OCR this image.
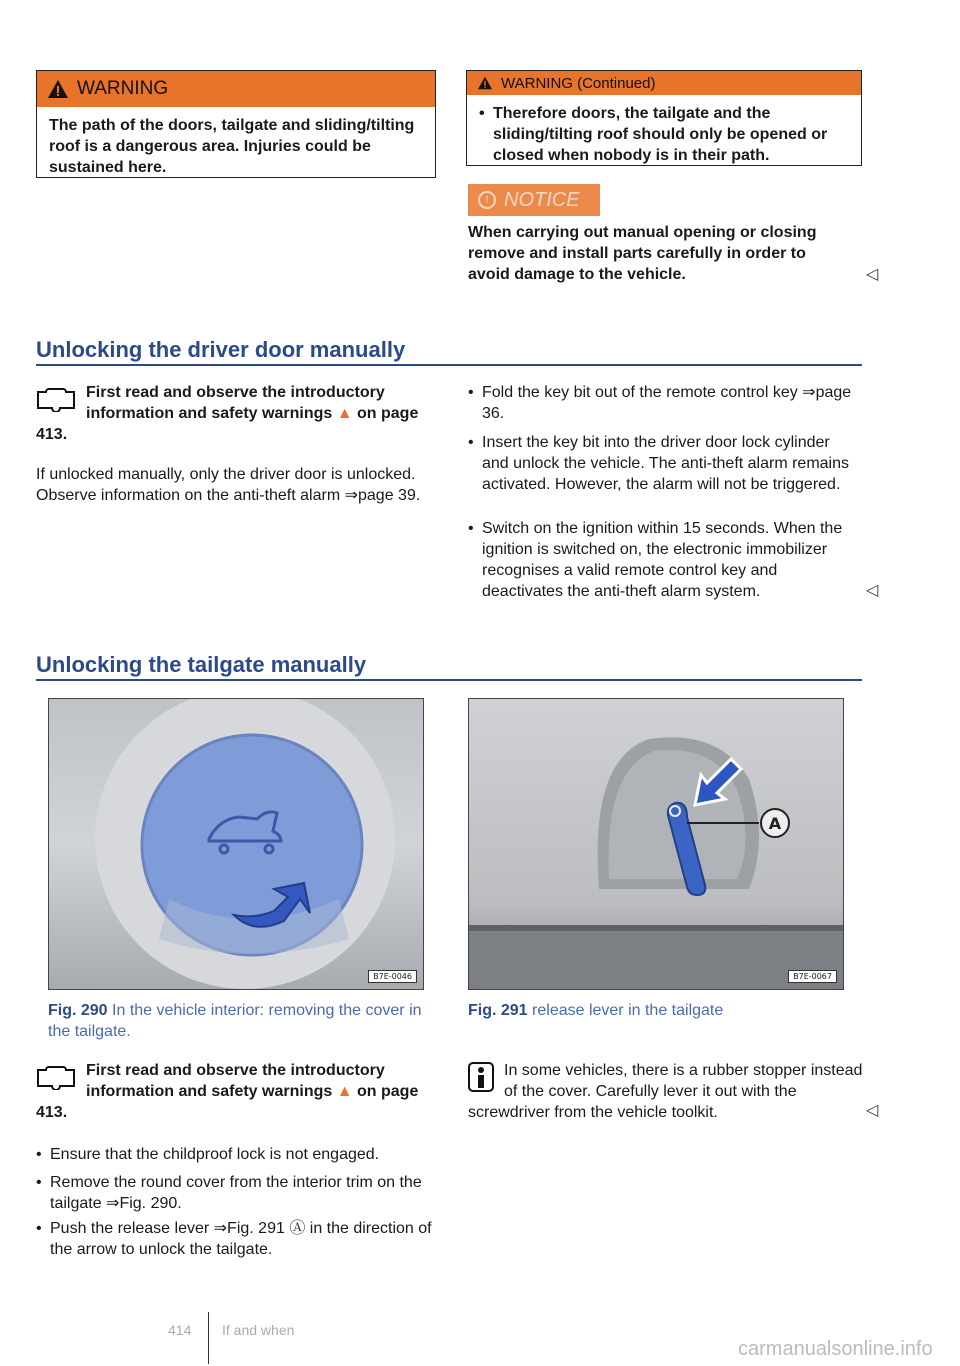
WARNING
The path of the doors, tailgate and sliding/tilting roof is a dangerous area. Injuries could be sustained here.
WARNING (Continued)
• Therefore doors, the tailgate and the sliding/tilting roof should only be opened or closed when nobody is in their path.
! NOTICE

When carrying out manual opening or closing remove and install parts carefully in order to avoid damage to the vehicle.	◁
Unlocking the driver door manually
First read and observe the introductory information and safety warnings ▲ on page 413.

If unlocked manually, only the driver door is unlocked. Observe information on the anti-theft alarm ⇒page 39.

• Fold the key bit out of the remote control key ⇒page 36.
• Insert the key bit into the driver door lock cylinder and unlock the vehicle. The anti-theft alarm remains activated. However, the alarm will not be triggered.
• Switch on the ignition within 15 seconds. When the ignition is switched on, the electronic immobilizer recognises a valid remote control key and deactivates the anti-theft alarm system.	◁
Unlocking the tailgate manually
B7E-0046
Fig. 290 In the vehicle interior: removing the cover in the tailgate.
A
B7E-0067
Fig. 291 release lever in the tailgate
First read and observe the introductory information and safety warnings ▲ on page 413.
• Ensure that the childproof lock is not engaged.
• Remove the round cover from the interior trim on the tailgate ⇒Fig. 290.
• Push the release lever ⇒Fig. 291 Ⓐ in the direction of the arrow to unlock the tailgate.
In some vehicles, there is a rubber stopper instead of the cover. Carefully lever it out with the screwdriver from the vehicle toolkit.	◁
414 If and when
carmanualsonline.info
